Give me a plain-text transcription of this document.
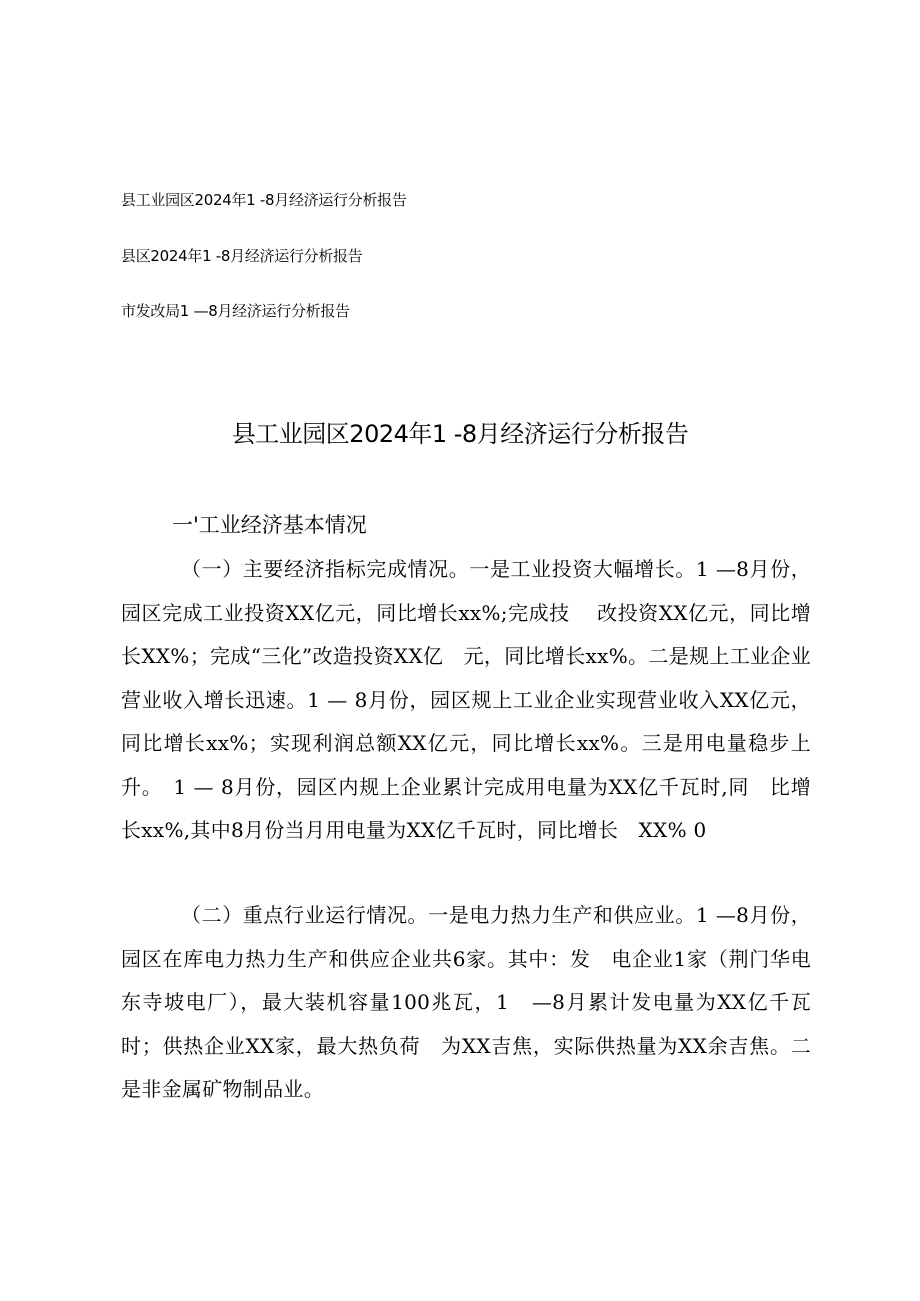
县工业园区2024年1 -8月经济运行分析报告
县区2024年1 -8月经济运行分析报告
市发改局1 —8月经济运行分析报告
县工业园区2024年1 -8月经济运行分析报告
一'工业经济基本情况

（一）主要经济指标完成情况。一是工业投资大幅增长。1 —8月份，园区完成工业投资XX亿元，同比增长xx%;完成技　 改投资XX亿元，同比增长XX%；完成“三化”改造投资XX亿　元，同比增长xx%。二是规上工业企业营业收入增长迅速。1 — 8月份，园区规上工业企业实现营业收入XX亿元，同比增长xx%；实现利润总额XX亿元，同比增长xx%。三是用电量稳步上升。　1 — 8月份，园区内规上企业累计完成用电量为XX亿千瓦时,同　比增长xx%,其中8月份当月用电量为XX亿千瓦时，同比增长　XX% 0

（二）重点行业运行情况。一是电力热力生产和供应业。1 —8月份，园区在库电力热力生产和供应企业共6家。其中：发　电企业1家（荆门华电东寺坡电厂），最大装机容量100兆瓦，1　—8月累计发电量为XX亿千瓦时；供热企业XX家，最大热负荷　为XX吉焦，实际供热量为XX余吉焦。二是非金属矿物制品业。
